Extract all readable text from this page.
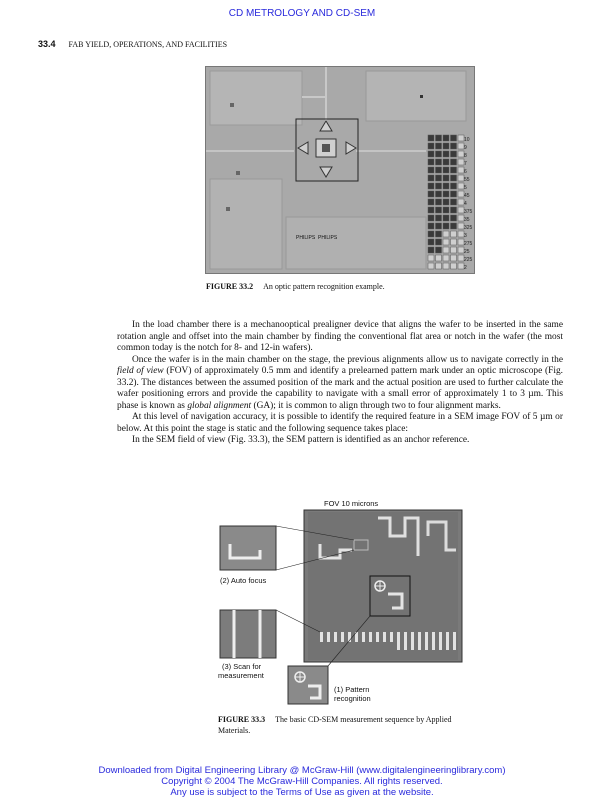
CD METROLOGY AND CD-SEM
33.4 FAB YIELD, OPERATIONS, AND FACILITIES
PHILIPS PHILIPS
10
9
8
7
6
55
5
45
4
375
35
325
3
275
25
225
2
FIGURE 33.2 An optic pattern recognition example.

In the load chamber there is a mechanooptical prealigner device that aligns the wafer to be inserted in the same rotation angle and offset into the main chamber by finding the conventional flat area or notch in the wafer (the most common today is the notch for 8- and 12-in wafers).

Once the wafer is in the main chamber on the stage, the previous alignments allow us to navigate correctly in the field of view (FOV) of approximately 0.5 mm and identify a prelearned pattern mark under an optic microscope (Fig. 33.2). The distances between the assumed position of the mark and the actual position are used to further calculate the wafer positioning errors and provide the capability to navigate with a small error of approximately 1 to 3 µm. This phase is known as global alignment (GA); it is common to align through two to four alignment marks.

At this level of navigation accuracy, it is possible to identify the required feature in a SEM image FOV of 5 µm or below. At this point the stage is static and the following sequence takes place:

In the SEM field of view (Fig. 33.3), the SEM pattern is identified as an anchor reference.

FOV 10 microns
(2) Auto focus
(3) Scan for
measurement
(1) Pattern
recognition
FIGURE 33.3 The basic CD-SEM measurement sequence by Applied Materials.
Downloaded from Digital Engineering Library @ McGraw-Hill (www.digitalengineeringlibrary.com)
Copyright © 2004 The McGraw-Hill Companies. All rights reserved.
Any use is subject to the Terms of Use as given at the website.
